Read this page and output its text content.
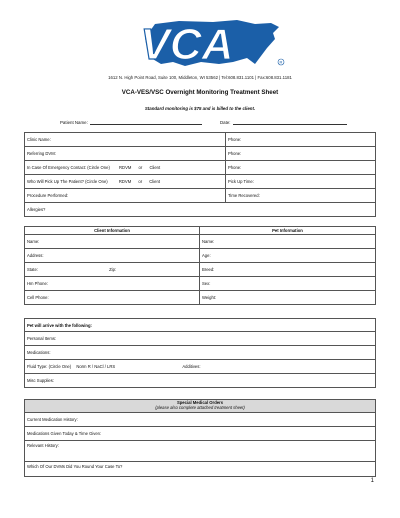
VCA	R
1612 N. High Point Road, Suite 100, Middleton, WI 53562 | Tel:608.831.1101 | Fax:608.831.1181
VCA-VES/VSC Overnight Monitoring Treatment Sheet
Standard monitoring is $75 and is billed to the client.
Patient Name:	Date:
Clinic Name:	Phone:
Referring DVM:	Phone:
In Case Of Emergency Contact: (Circle One) RDVM or Client	Phone:
Who Will Pick Up The Patient? (Circle One) RDVM or Client	Pick Up Time:
Procedure Performed:	Time Recovered:
Allergies?	
Client Information	Pet Information
Name:	Name:
Address:	Age:
State: Zip:	Breed:
Hm Phone:	Sex:
Cell Phone:	Weight:
Pet will arrive with the following:
Personal Items:
Medications:
Fluid Type: (Circle One) Norm R / NaCl / LRS	Additives:
Misc Supplies:
Special Medical Orders
(please also complete attached treatment sheet)

Current Medication History:
Medications Given Today & Time Given:
Relevant History:
Which Of Our DVMs Did You Round Your Case To?
1
